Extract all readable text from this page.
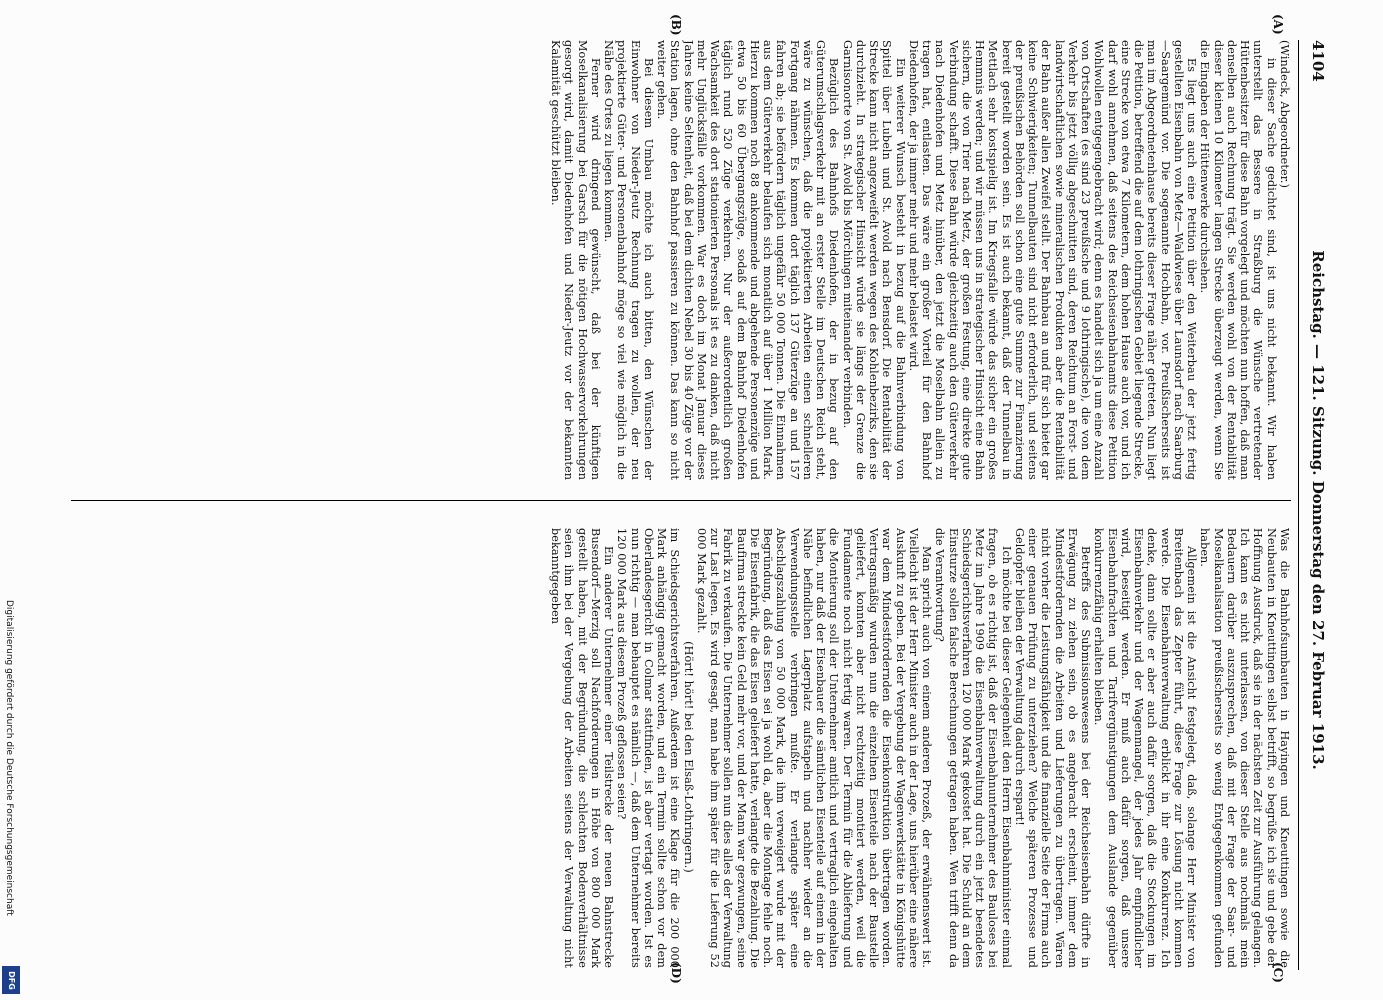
4104
Reichstag. — 121. Sitzung. Donnerstag den 27. Februar 1913.
(A)
(B)
(C)
(D)

(Windeck, Abgeordneter.)

in dieser Sache gedichtet sind, ist uns nicht bekannt. Wir haben unterstellt das Bessere in Straßburg die Wünsche vertretender Hüttenbesitzer für diese Bahn vorgelegt und möchten nun hoffen, daß man denselben auch Rechnung trägt. Sie werden wohl von der Rentabilität dieser kleinen 10 Kilometer langen Strecke überzeugt werden, wenn Sie die Eingaben der Hüttenwerke durchsehen.

Es liegt uns auch eine Petition über den Weiterbau der jetzt fertig gestellten Eisenbahn von Metz—Waldwiese über Launsdorf nach Saarburg—Saargemünd vor. Die sogenannte Hochbahn, vor. Preußischerseits ist man im Abgeordnetenhause bereits dieser Frage näher getreten. Nun liegt die Petition, betreffend die auf dem lothringischen Gebiet liegende Strecke, eine Strecke von etwa 7 Kilometern, dem hohen Hause auch vor, und ich darf wohl annehmen, daß seitens des Reichseisenbahnamts diese Petition Wohlwollen entgegengebracht wird; denn es handelt sich ja um eine Anzahl von Ortschaften (es sind 23 preußische und 9 lothringische), die von dem Verkehr bis jetzt völlig abgeschnitten sind, deren Reichtum an Forst- und landwirtschaftlichen sowie mineralischen Produkten aber die Rentabilität der Bahn außer allen Zweifel stellt. Der Bahnbau an und für sich bietet gar keine Schwierigkeiten; Tunnelbauten sind nicht erforderlich, und seitens der preußischen Behörden soll schon eine gute Summe zur Finanzierung bereit gestellt worden sein. Es ist auch bekannt, daß der Tunnelbau in Mettlach sehr kostspielig ist. Im Kriegsfalle würde das sicher ein großes Hemmnis werden; und wir müssen uns in strategischer Hinsicht eine Bahn sichern, die von Trier nach Metz, der großen Festung, eine direkte gute Verbindung schafft. Diese Bahn würde gleichzeitig auch den Güterverkehr nach Diedenhofen und Metz hinüber, den jetzt die Moselbahn allein zu tragen hat, entlasten. Das wäre ein großer Vorteil für den Bahnhof Diedenhofen, der ja immer mehr und mehr belastet wird.

Ein weiterer Wunsch besteht in bezug auf die Bahnverbindung von Spittel über Lubeln und St. Avold nach Bensdorf. Die Rentabilität der Strecke kann nicht angezweifelt werden wegen des Kohlenbezirks, den sie durchzieht. In strategischer Hinsicht würde sie längs der Grenze die Garnisonorte von St. Avold bis Mörchingen miteinander verbinden.

Bezüglich des Bahnhofs Diedenhofen, der in bezug auf den Güterumschlagsverkehr mit an erster Stelle im Deutschen Reich steht, wäre zu wünschen, daß die projektierten Arbeiten einen schnelleren Fortgang nähmen. Es kommen dort täglich 137 Güterzüge an und 157 fahren ab; sie befördern täglich ungefähr 50 000 Tonnen. Die Einnahmen aus dem Güterverkehr belaufen sich monatlich auf über 1 Million Mark. Hierzu kommen noch 88 ankommende und abgehende Personenzüge und etwa 50 bis 60 Übergangszüge, sodaß auf dem Bahnhof Diedenhofen täglich rund 520 Züge verkehren. Nur der außerordentlich großen Wachsamkeit des dort stationierten Personals ist es zu danken, daß nicht mehr Unglücksfälle vorkommen. War es doch im Monat Januar dieses Jahres keine Seltenheit, daß bei dem dichten Nebel 30 bis 40 Züge vor der Station lagen, ohne den Bahnhof passieren zu können. Das kann so nicht weiter gehen.

Bei diesem Umbau möchte ich auch bitten, den Wünschen der Einwohner von Nieder-Jeutz Rechnung tragen zu wollen, der neu projektierte Güter- und Personenbahnhof möge so viel wie möglich in die Nähe des Ortes zu liegen kommen.

Ferner wird dringend gewünscht, daß bei der künftigen Moselkanalisierung bei Garsch für die nötigen Hochwasservorkehrungen gesorgt wird, damit Diedenhofen und Nieder-Jeutz vor der bekannten Kalamität geschützt bleiben.

Was die Bahnhofsumbauten in Hayingen und Kneuttingen sowie die Neubauten in Kneuttingen selbst betrifft, so begrüße ich sie und gebe der Hoffnung Ausdruck, daß sie in der nächsten Zeit zur Ausführung gelangen. Ich kann es nicht unterlassen, von dieser Stelle aus nochmals mein Bedauern darüber auszusprechen, daß mit der Frage der Saar- und Moselkanalisation preußischerseits so wenig Entgegenkommen gefunden haben.

Allgemein ist die Ansicht festgelegt, daß, solange Herr Minister von Breitenbach das Zepter führt, diese Frage zur Lösung nicht kommen werde. Die Eisenbahnverwaltung erblickt in ihr eine Konkurrenz. Ich denke, dann sollte er aber auch dafür sorgen, daß die Stockungen im Eisenbahnverkehr und der Wagenmangel, der jedes Jahr empfindlicher wird, beseitigt werden. Er muß auch dafür sorgen, daß unsere Eisenbahnfrachten und Tarifvergünstigungen dem Auslande gegenüber konkurrenzfähig erhalten bleiben.

Betreffs des Submissionswesens bei der Reichseisenbahn dürfte in Erwägung zu ziehen sein, ob es angebracht erscheint, immer dem Mindestfordernden die Arbeiten und Lieferungen zu übertragen. Wären nicht vorher die Leistungsfähigkeit und die finanzielle Seite der Firma auch einer genauen Prüfung zu unterziehen? Welche späteren Prozesse und Geldopfer bleiben der Verwaltung dadurch erspart!

Ich möchte bei dieser Gelegenheit den Herrn Eisenbahnminister einmal fragen, ob es richtig ist, daß der Eisenbahnunternehmer des Bauloses bei Metz im Jahre 1909 die Eisenbahnverwaltung durch ein jetzt beendetes Schiedsgerichtsverfahren 120 000 Mark gekostet hat. Die Schuld an dem Einsturze sollen falsche Berechnungen getragen haben. Wen trifft denn da die Verantwortung?

Man spricht auch von einem anderen Prozeß, der erwähnenswert ist. Vielleicht ist der Herr Minister auch in der Lage, uns hierüber eine nähere Auskunft zu geben. Bei der Vergebung der Wagenwerkstätte in Königshütte war dem Mindestfordernden die Eisenkonstruktion übertragen worden. Vertragsmäßig wurden nun die einzelnen Eisenteile nach der Baustelle geliefert, konnten aber nicht rechtzeitig montiert werden, weil die Fundamente noch nicht fertig waren. Der Termin für die Ablieferung und die Montierung soll der Unternehmer amtlich und vertraglich eingehalten haben, nur daß der Eisenbauer die sämtlichen Eisenteile auf einem in der Nähe befindlichen Lagerplatz aufstapeln und nachher wieder an die Verwendungsstelle verbringen mußte. Er verlangte später eine Abschlagszahlung von 50 000 Mark, die ihm verweigert wurde mit der Begründung, daß das Eisen sei ja wohl da, aber die Montage fehle noch. Die Eisenfabrik, die das Eisen geliefert hatte, verlangte die Bezahlung. Die Baufirma streckte kein Geld mehr vor, und der Mann war gezwungen, seine Fabrik zu verkaufen. Die Unternehmer sollen nun dies alles der Verwaltung zur Last legen. Es wird gesagt, man habe ihm später für die Lieferung 52 000 Mark gezahlt.

(Hört! hört! bei den Elsaß-Lothringern.)

im Schiedsgerichtsverfahren. Außerdem ist eine Klage für die 200 000 Mark anhängig gemacht worden, und ein Termin sollte schon vor dem Oberlandesgericht in Colmar stattfinden, ist aber vertagt worden. Ist es nun richtig — man behauptet es nämlich —, daß dem Unternehmer bereits 120 000 Mark aus diesem Prozeß geflossen seien?

Ein anderer Unternehmer einer Teilstrecke der neuen Bahnstrecke Busendorf—Merzig soll Nachforderungen in Höhe von 800 000 Mark gestellt haben, mit der Begründung, die schlechten Bodenverhältnisse seien ihm bei der Vergebung der Arbeiten seitens der Verwaltung nicht bekanntgegeben

Digitalisierung gefördert durch die Deutsche Forschungsgemeinschaft
DFG
